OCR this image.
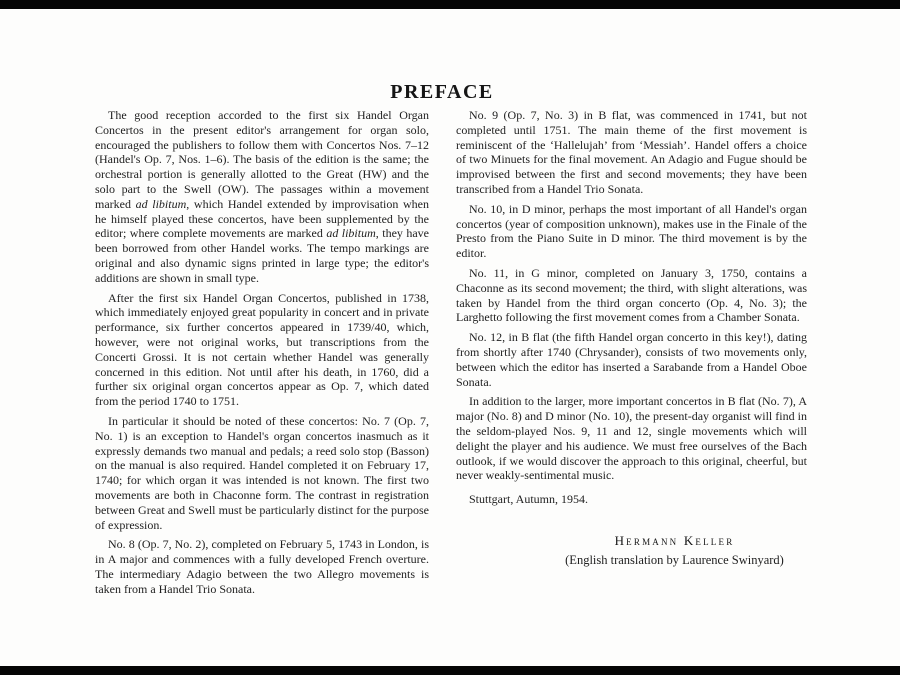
PREFACE

The good reception accorded to the first six Handel Organ Concertos in the present editor's arrangement for organ solo, encouraged the publishers to follow them with Concertos Nos. 7–12 (Handel's Op. 7, Nos. 1–6). The basis of the edition is the same; the orchestral portion is generally allotted to the Great (HW) and the solo part to the Swell (OW). The passages within a movement marked ad libitum, which Handel extended by improvisation when he himself played these concertos, have been supplemented by the editor; where complete movements are marked ad libitum, they have been borrowed from other Handel works. The tempo markings are original and also dynamic signs printed in large type; the editor's additions are shown in small type.

After the first six Handel Organ Concertos, published in 1738, which immediately enjoyed great popularity in concert and in private performance, six further concertos appeared in 1739/40, which, however, were not original works, but transcriptions from the Concerti Grossi. It is not certain whether Handel was generally concerned in this edition. Not until after his death, in 1760, did a further six original organ concertos appear as Op. 7, which dated from the period 1740 to 1751.

In particular it should be noted of these concertos: No. 7 (Op. 7, No. 1) is an exception to Handel's organ concertos inasmuch as it expressly demands two manual and pedals; a reed solo stop (Basson) on the manual is also required. Handel completed it on February 17, 1740; for which organ it was intended is not known. The first two movements are both in Chaconne form. The contrast in registration between Great and Swell must be particularly distinct for the purpose of expression.

No. 8 (Op. 7, No. 2), completed on February 5, 1743 in London, is in A major and commences with a fully developed French overture. The intermediary Adagio between the two Allegro movements is taken from a Handel Trio Sonata.

No. 9 (Op. 7, No. 3) in B flat, was commenced in 1741, but not completed until 1751. The main theme of the first movement is reminiscent of the ‘Hallelujah’ from ‘Messiah’. Handel offers a choice of two Minuets for the final movement. An Adagio and Fugue should be improvised between the first and second movements; they have been transcribed from a Handel Trio Sonata.

No. 10, in D minor, perhaps the most important of all Handel's organ concertos (year of composition unknown), makes use in the Finale of the Presto from the Piano Suite in D minor. The third movement is by the editor.

No. 11, in G minor, completed on January 3, 1750, contains a Chaconne as its second movement; the third, with slight alterations, was taken by Handel from the third organ concerto (Op. 4, No. 3); the Larghetto following the first movement comes from a Chamber Sonata.

No. 12, in B flat (the fifth Handel organ concerto in this key!), dating from shortly after 1740 (Chrysander), consists of two movements only, between which the editor has inserted a Sarabande from a Handel Oboe Sonata.

In addition to the larger, more important concertos in B flat (No. 7), A major (No. 8) and D minor (No. 10), the present-day organist will find in the seldom-played Nos. 9, 11 and 12, single movements which will delight the player and his audience. We must free ourselves of the Bach outlook, if we would discover the approach to this original, cheerful, but never weakly-sentimental music.

Stuttgart, Autumn, 1954.

Hermann Keller
(English translation by Laurence Swinyard)
